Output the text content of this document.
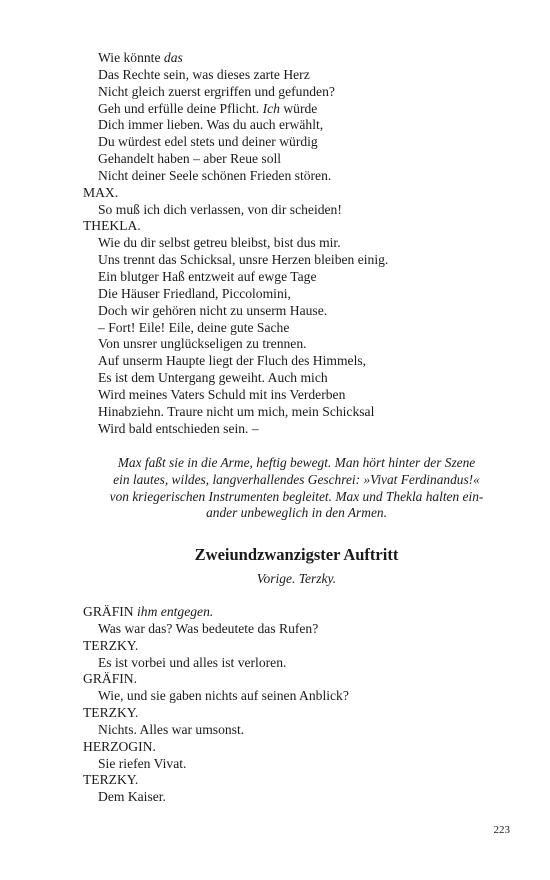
Wie könnte das
Das Rechte sein, was dieses zarte Herz
Nicht gleich zuerst ergriffen und gefunden?
Geh und erfülle deine Pflicht. Ich würde
Dich immer lieben. Was du auch erwählt,
Du würdest edel stets und deiner würdig
Gehandelt haben – aber Reue soll
Nicht deiner Seele schönen Frieden stören.
MAX.
So muß ich dich verlassen, von dir scheiden!
THEKLA.
Wie du dir selbst getreu bleibst, bist dus mir.
Uns trennt das Schicksal, unsre Herzen bleiben einig.
Ein blutger Haß entzweit auf ewge Tage
Die Häuser Friedland, Piccolomini,
Doch wir gehören nicht zu unserm Hause.
– Fort! Eile! Eile, deine gute Sache
Von unsrer unglückseligen zu trennen.
Auf unserm Haupte liegt der Fluch des Himmels,
Es ist dem Untergang geweiht. Auch mich
Wird meines Vaters Schuld mit ins Verderben
Hinabziehn. Traure nicht um mich, mein Schicksal
Wird bald entschieden sein. –
Max faßt sie in die Arme, heftig bewegt. Man hört hinter der Szene
ein lautes, wildes, langverhallendes Geschrei: »Vivat Ferdinandus!«
von kriegerischen Instrumenten begleitet. Max und Thekla halten ein-
ander unbeweglich in den Armen.
Zweiundzwanzigster Auftritt
Vorige. Terzky.
GRÄFIN ihm entgegen.
Was war das? Was bedeutete das Rufen?
TERZKY.
Es ist vorbei und alles ist verloren.
GRÄFIN.
Wie, und sie gaben nichts auf seinen Anblick?
TERZKY.
Nichts. Alles war umsonst.
HERZOGIN.
Sie riefen Vivat.
TERZKY.
Dem Kaiser.
223
